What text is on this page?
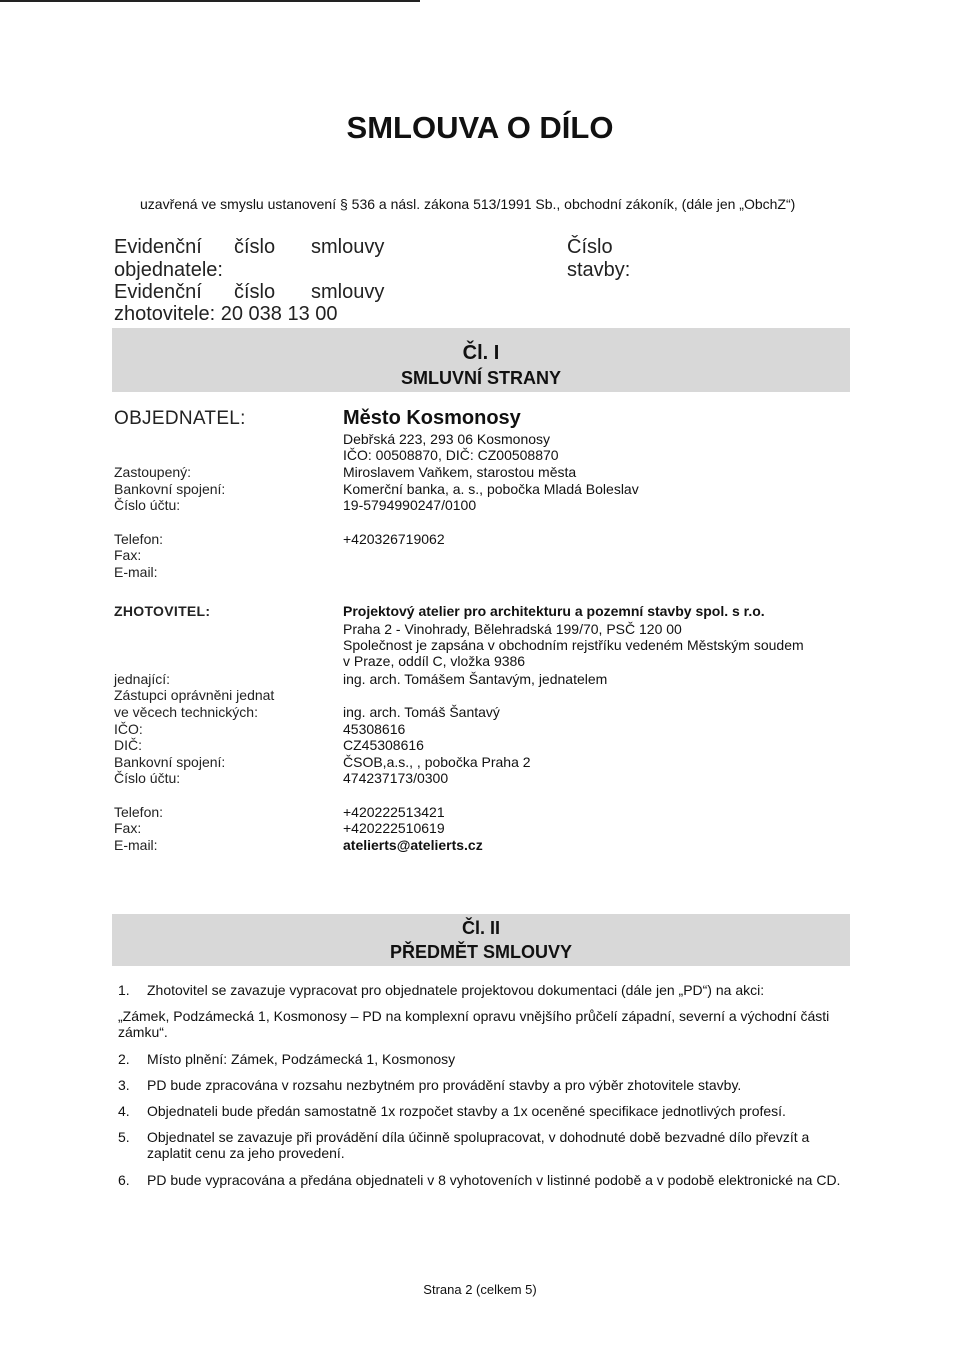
SMLOUVA O DÍLO
uzavřená ve smyslu ustanovení § 536 a násl. zákona 513/1991 Sb., obchodní zákoník, (dále jen „ObchZ“)
Evidenční číslo smlouvy
objednatele:
Evidenční číslo smlouvy
zhotovitele: 20 038 13 00
Číslo
stavby:
Čl. I
SMLUVNÍ STRANY
OBJEDNATEL:	Město Kosmonosy
Debřská 223, 293 06 Kosmonosy
IČO: 00508870, DIČ: CZ00508870
Zastoupený:	Miroslavem Vaňkem, starostou města
Bankovní spojení:	Komerční banka, a. s., pobočka Mladá Boleslav
Číslo účtu:	19-5794990247/0100
Telefon:	+420326719062
Fax:
E-mail:
ZHOTOVITEL:	Projektový atelier pro architekturu a pozemní stavby spol. s r.o.
Praha 2 - Vinohrady, Bělehradská 199/70, PSČ 120 00
Společnost je zapsána v obchodním rejstříku vedeném Městským soudem
v Praze, oddíl C, vložka 9386
jednající:	ing. arch. Tomášem Šantavým, jednatelem
Zástupci oprávněni jednat
ve věcech technických:	ing. arch. Tomáš Šantavý
IČO:	45308616
DIČ:	CZ45308616
Bankovní spojení:	ČSOB,a.s., , pobočka Praha 2
Číslo účtu:	474237173/0300
Telefon:	+420222513421
Fax:	+420222510619
E-mail:	atelierts@atelierts.cz
Čl. II
PŘEDMĚT SMLOUVY
1. Zhotovitel se zavazuje vypracovat pro objednatele projektovou dokumentaci (dále jen „PD“) na akci:
„Zámek, Podzámecká 1, Kosmonosy – PD na komplexní opravu vnějšího průčelí západní, severní a východní části zámku“.
2. Místo plnění: Zámek, Podzámecká 1, Kosmonosy
3. PD bude zpracována v rozsahu nezbytném pro provádění stavby a pro výběr zhotovitele stavby.
4. Objednateli bude předán samostatně 1x rozpočet stavby a 1x oceněné specifikace jednotlivých profesí.
5. Objednatel se zavazuje při provádění díla účinně spolupracovat, v dohodnuté době bezvadné dílo převzít a zaplatit cenu za jeho provedení.
6. PD bude vypracována a předána objednateli v 8 vyhotoveních v listinné podobě a v podobě elektronické na CD.
Strana 2 (celkem 5)
